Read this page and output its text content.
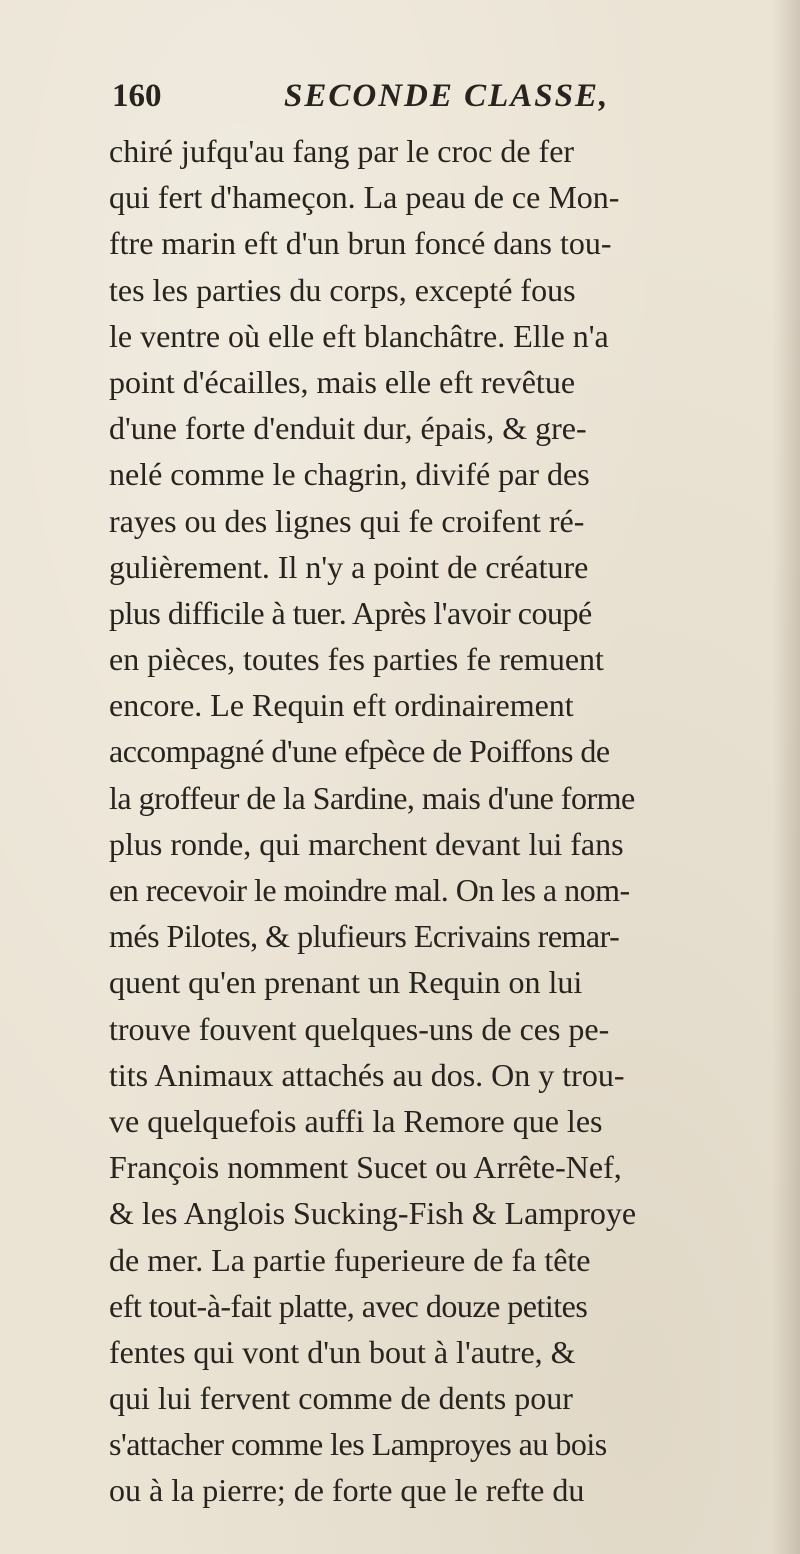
160	SECONDE CLASSE,
chiré jufqu'au fang par le croc de fer
qui fert d'hameçon. La peau de ce Mon-
ftre marin eft d'un brun foncé dans tou-
tes les parties du corps, excepté fous
le ventre où elle eft blanchâtre. Elle n'a
point d'écailles, mais elle eft revêtue
d'une forte d'enduit dur, épais, & gre-
nelé comme le chagrin, divifé par des
rayes ou des lignes qui fe croifent ré-
gulièrement. Il n'y a point de créature
plus difficile à tuer. Après l'avoir coupé
en pièces, toutes fes parties fe remuent
encore. Le Requin eft ordinairement
accompagné d'une efpèce de Poiffons de
la groffeur de la Sardine, mais d'une forme
plus ronde, qui marchent devant lui fans
en recevoir le moindre mal. On les a nom-
més Pilotes, & plufieurs Ecrivains remar-
quent qu'en prenant un Requin on lui
trouve fouvent quelques-uns de ces pe-
tits Animaux attachés au dos. On y trou-
ve quelquefois auffi la Remore que les
François nomment Sucet ou Arrête-Nef,
& les Anglois Sucking-Fish & Lamproye
de mer. La partie fuperieure de fa tête
eft tout-à-fait platte, avec douze petites
fentes qui vont d'un bout à l'autre, &
qui lui fervent comme de dents pour
s'attacher comme les Lamproyes au bois
ou à la pierre; de forte que le refte du
